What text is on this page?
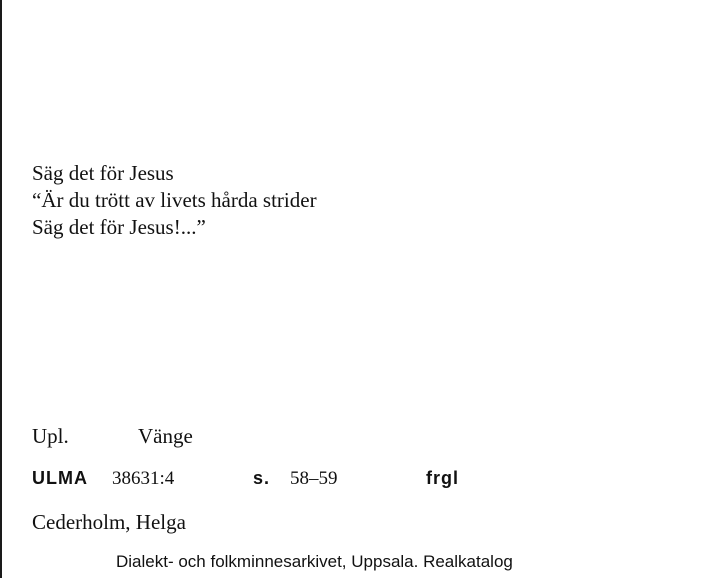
Säg det för Jesus
“Är du trött av livets hårda strider
Säg det för Jesus!...”
Upl.	Vänge
ULMA 38631:4	s. 58–59	frgl
Cederholm, Helga
Dialekt- och folkminnesarkivet, Uppsala. Realkatalog
